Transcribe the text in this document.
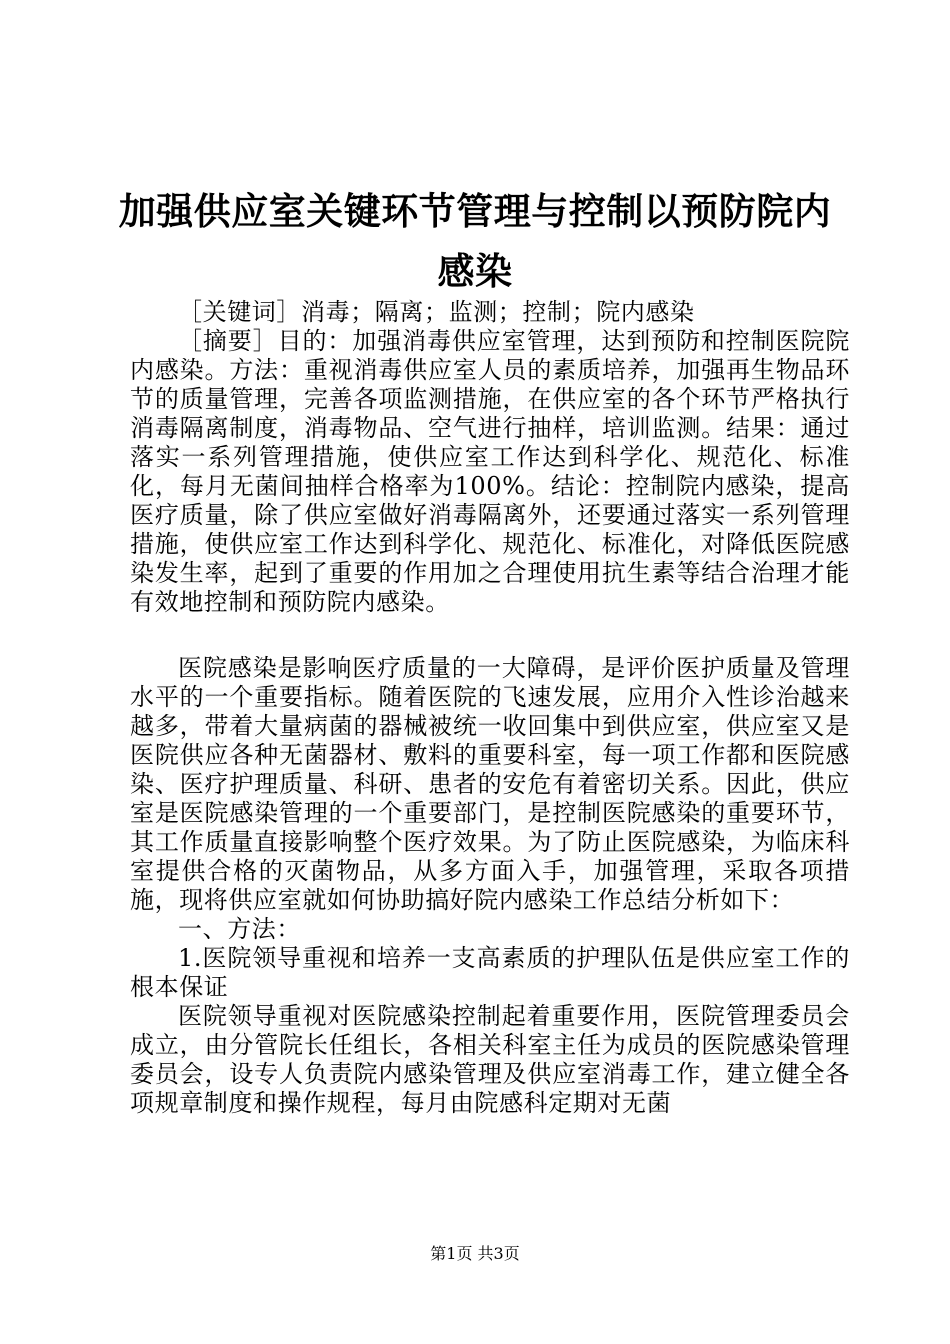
加强供应室关键环节管理与控制以预防院内感染

［关键词］消毒；隔离；监测；控制；院内感染

［摘要］目的：加强消毒供应室管理，达到预防和控制医院院内感染。方法：重视消毒供应室人员的素质培养，加强再生物品环节的质量管理，完善各项监测措施，在供应室的各个环节严格执行消毒隔离制度，消毒物品、空气进行抽样，培训监测。结果：通过落实一系列管理措施，使供应室工作达到科学化、规范化、标准化，每月无菌间抽样合格率为100%。结论：控制院内感染，提高医疗质量，除了供应室做好消毒隔离外，还要通过落实一系列管理措施，使供应室工作达到科学化、规范化、标准化，对降低医院感染发生率，起到了重要的作用加之合理使用抗生素等结合治理才能有效地控制和预防院内感染。

医院感染是影响医疗质量的一大障碍，是评价医护质量及管理水平的一个重要指标。随着医院的飞速发展，应用介入性诊治越来越多，带着大量病菌的器械被统一收回集中到供应室，供应室又是医院供应各种无菌器材、敷料的重要科室，每一项工作都和医院感染、医疗护理质量、科研、患者的安危有着密切关系。因此，供应室是医院感染管理的一个重要部门，是控制医院感染的重要环节，其工作质量直接影响整个医疗效果。为了防止医院感染，为临床科室提供合格的灭菌物品，从多方面入手，加强管理，采取各项措施，现将供应室就如何协助搞好院内感染工作总结分析如下：

一、方法：

1.医院领导重视和培养一支高素质的护理队伍是供应室工作的根本保证

医院领导重视对医院感染控制起着重要作用，医院管理委员会成立，由分管院长任组长，各相关科室主任为成员的医院感染管理委员会，设专人负责院内感染管理及供应室消毒工作，建立健全各项规章制度和操作规程，每月由院感科定期对无菌

第1页 共3页
